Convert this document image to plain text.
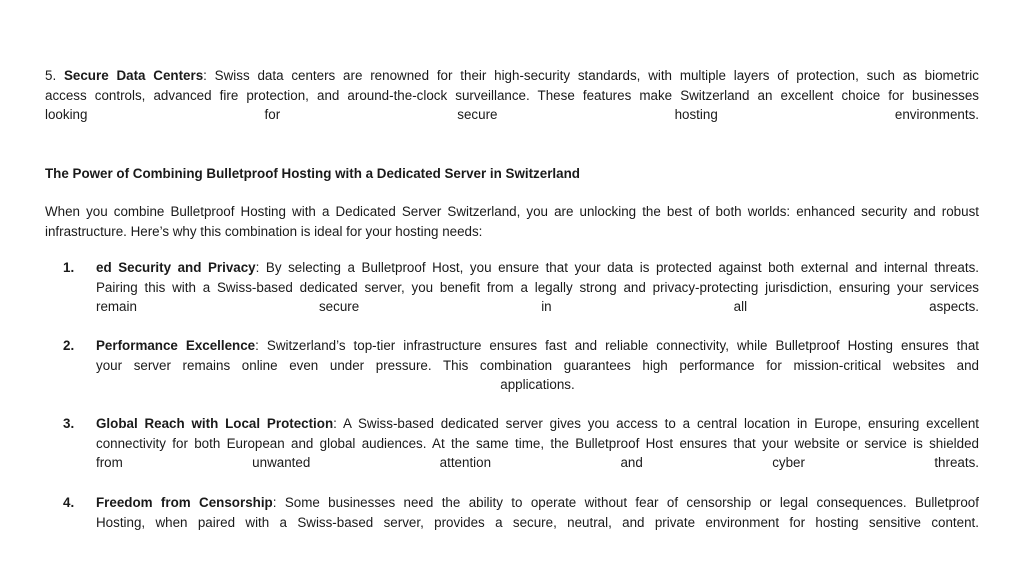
5. Secure Data Centers: Swiss data centers are renowned for their high-security standards, with multiple layers of protection, such as biometric
access controls, advanced fire protection, and around-the-clock surveillance. These features make Switzerland an excellent choice for businesses
looking for secure hosting environments.
The Power of Combining Bulletproof Hosting with a Dedicated Server in Switzerland
When you combine Bulletproof Hosting with a Dedicated Server Switzerland, you are unlocking the best of both worlds: enhanced security and robust
infrastructure. Here’s why this combination is ideal for your hosting needs:
1. ed Security and Privacy: By selecting a Bulletproof Host, you ensure that your data is protected against both external and internal threats.
Pairing this with a Swiss-based dedicated server, you benefit from a legally strong and privacy-protecting jurisdiction, ensuring your services
remain secure in all aspects.
2. Performance Excellence: Switzerland’s top-tier infrastructure ensures fast and reliable connectivity, while Bulletproof Hosting ensures that
your server remains online even under pressure. This combination guarantees high performance for mission-critical websites and
applications.
3. Global Reach with Local Protection: A Swiss-based dedicated server gives you access to a central location in Europe, ensuring excellent
connectivity for both European and global audiences. At the same time, the Bulletproof Host ensures that your website or service is shielded
from unwanted attention and cyber threats.
4. Freedom from Censorship: Some businesses need the ability to operate without fear of censorship or legal consequences. Bulletproof
Hosting, when paired with a Swiss-based server, provides a secure, neutral, and private environment for hosting sensitive content.
